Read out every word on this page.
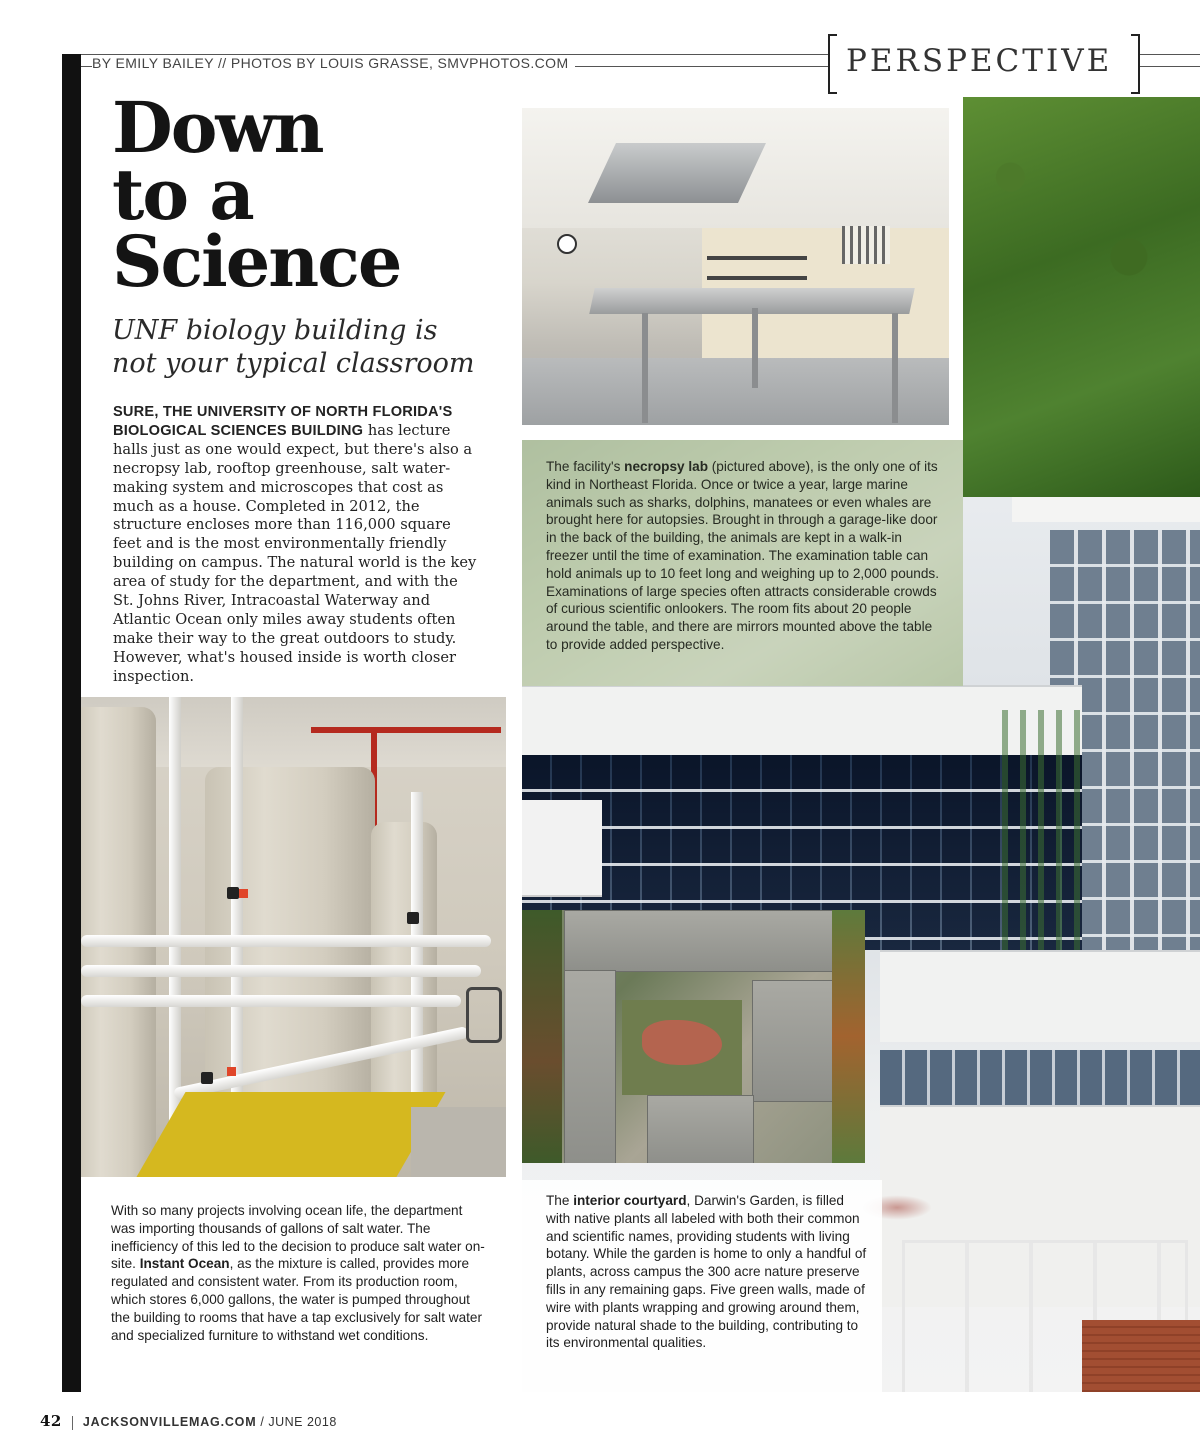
BY EMILY BAILEY // PHOTOS BY LOUIS GRASSE, SMVPHOTOS.COM	PERSPECTIVE
Down
to a
Science
UNF biology building is
not your typical classroom
SURE, THE UNIVERSITY OF NORTH FLORIDA'S BIOLOGICAL SCIENCES BUILDING has lecture halls just as one would expect, but there's also a necropsy lab, rooftop greenhouse, salt water-making system and microscopes that cost as much as a house. Completed in 2012, the structure encloses more than 116,000 square feet and is the most environmentally friendly building on campus. The natural world is the key area of study for the department, and with the St. Johns River, Intracoastal Waterway and Atlantic Ocean only miles away students often make their way to the great outdoors to study. However, what's housed inside is worth closer inspection.
The facility's necropsy lab (pictured above), is the only one of its kind in Northeast Florida. Once or twice a year, large marine animals such as sharks, dolphins, manatees or even whales are brought here for autopsies. Brought in through a garage-like door in the back of the building, the animals are kept in a walk-in freezer until the time of examination. The examination table can hold animals up to 10 feet long and weighing up to 2,000 pounds. Examinations of large species often attracts considerable crowds of curious scientific onlookers. The room fits about 20 people around the table, and there are mirrors mounted above the table to provide added perspective.
With so many projects involving ocean life, the department was importing thousands of gallons of salt water. The inefficiency of this led to the decision to produce salt water on-site. Instant Ocean, as the mixture is called, provides more regulated and consistent water. From its production room, which stores 6,000 gallons, the water is pumped throughout the building to rooms that have a tap exclusively for salt water and specialized furniture to withstand wet conditions.
The interior courtyard, Darwin's Garden, is filled with native plants all labeled with both their common and scientific names, providing students with living botany. While the garden is home to only a handful of plants, across campus the 300 acre nature preserve fills in any remaining gaps. Five green walls, made of wire with plants wrapping and growing around them, provide natural shade to the building, contributing to its environmental qualities.
42 JACKSONVILLEMAG.COM / JUNE 2018
